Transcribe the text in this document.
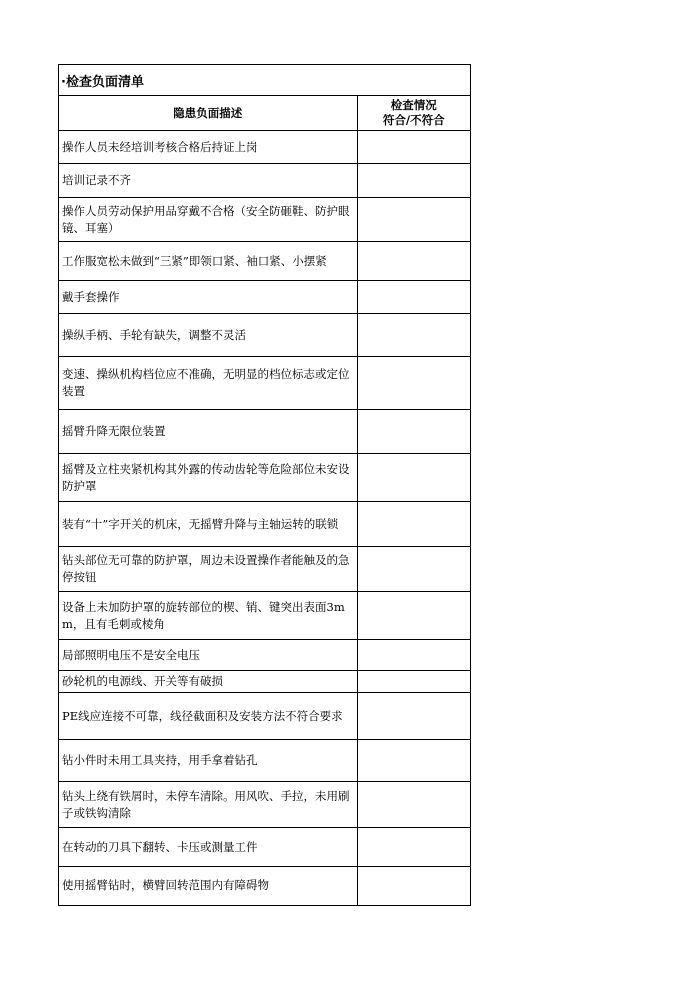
·检查负面清单
隐患负面描述	检查情况
符合/不符合

操作人员未经培训考核合格后持证上岗	
培训记录不齐	
操作人员劳动保护用品穿戴不合格（安全防砸鞋、防护眼镜、耳塞）	
工作服宽松未做到“三紧”即领口紧、袖口紧、小摆紧	
戴手套操作	
操纵手柄、手轮有缺失，调整不灵活	
变速、操纵机构档位应不准确，无明显的档位标志或定位装置	
摇臂升降无限位装置	
摇臂及立柱夹紧机构其外露的传动齿轮等危险部位未安设防护罩	
装有“十”字开关的机床，无摇臂升降与主轴运转的联锁	
钻头部位无可靠的防护罩，周边未设置操作者能触及的急停按钮	
设备上未加防护罩的旋转部位的楔、销、键突出表面3mm，且有毛刺或棱角	
局部照明电压不是安全电压	
砂轮机的电源线、开关等有破损	
PE线应连接不可靠，线径截面积及安装方法不符合要求	
钻小件时未用工具夹持，用手拿着钻孔	
钻头上绕有铁屑时，未停车清除。用风吹、手拉，未用刷子或铁钩清除	
在转动的刀具下翻转、卡压或测量工件	
使用摇臂钻时，横臂回转范围内有障碍物	
